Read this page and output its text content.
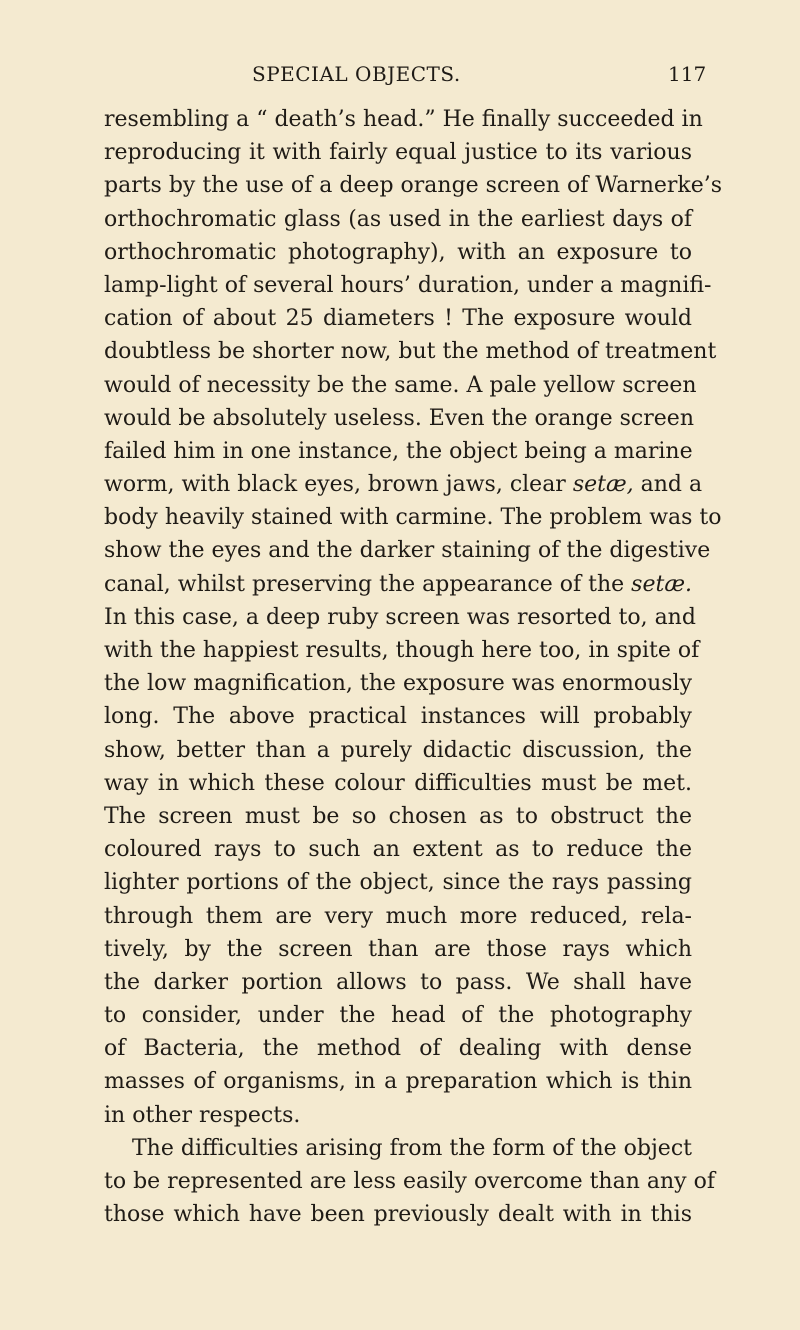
SPECIAL OBJECTS.	117
resembling a “ death’s head.” He finally succeeded in
reproducing it with fairly equal justice to its various
parts by the use of a deep orange screen of Warnerke’s
orthochromatic glass (as used in the earliest days of
orthochromatic photography), with an exposure to
lamp-light of several hours’ duration, under a magnifi-
cation of about 25 diameters ! The exposure would
doubtless be shorter now, but the method of treatment
would of necessity be the same. A pale yellow screen
would be absolutely useless. Even the orange screen
failed him in one instance, the object being a marine
worm, with black eyes, brown jaws, clear setæ, and a
body heavily stained with carmine. The problem was to
show the eyes and the darker staining of the digestive
canal, whilst preserving the appearance of the setæ.
In this case, a deep ruby screen was resorted to, and
with the happiest results, though here too, in spite of
the low magnification, the exposure was enormously
long. The above practical instances will probably
show, better than a purely didactic discussion, the
way in which these colour difficulties must be met.
The screen must be so chosen as to obstruct the
coloured rays to such an extent as to reduce the
lighter portions of the object, since the rays passing
through them are very much more reduced, rela-
tively, by the screen than are those rays which
the darker portion allows to pass. We shall have
to consider, under the head of the photography
of Bacteria, the method of dealing with dense
masses of organisms, in a preparation which is thin
in other respects.
The difficulties arising from the form of the object
to be represented are less easily overcome than any of
those which have been previously dealt with in this
